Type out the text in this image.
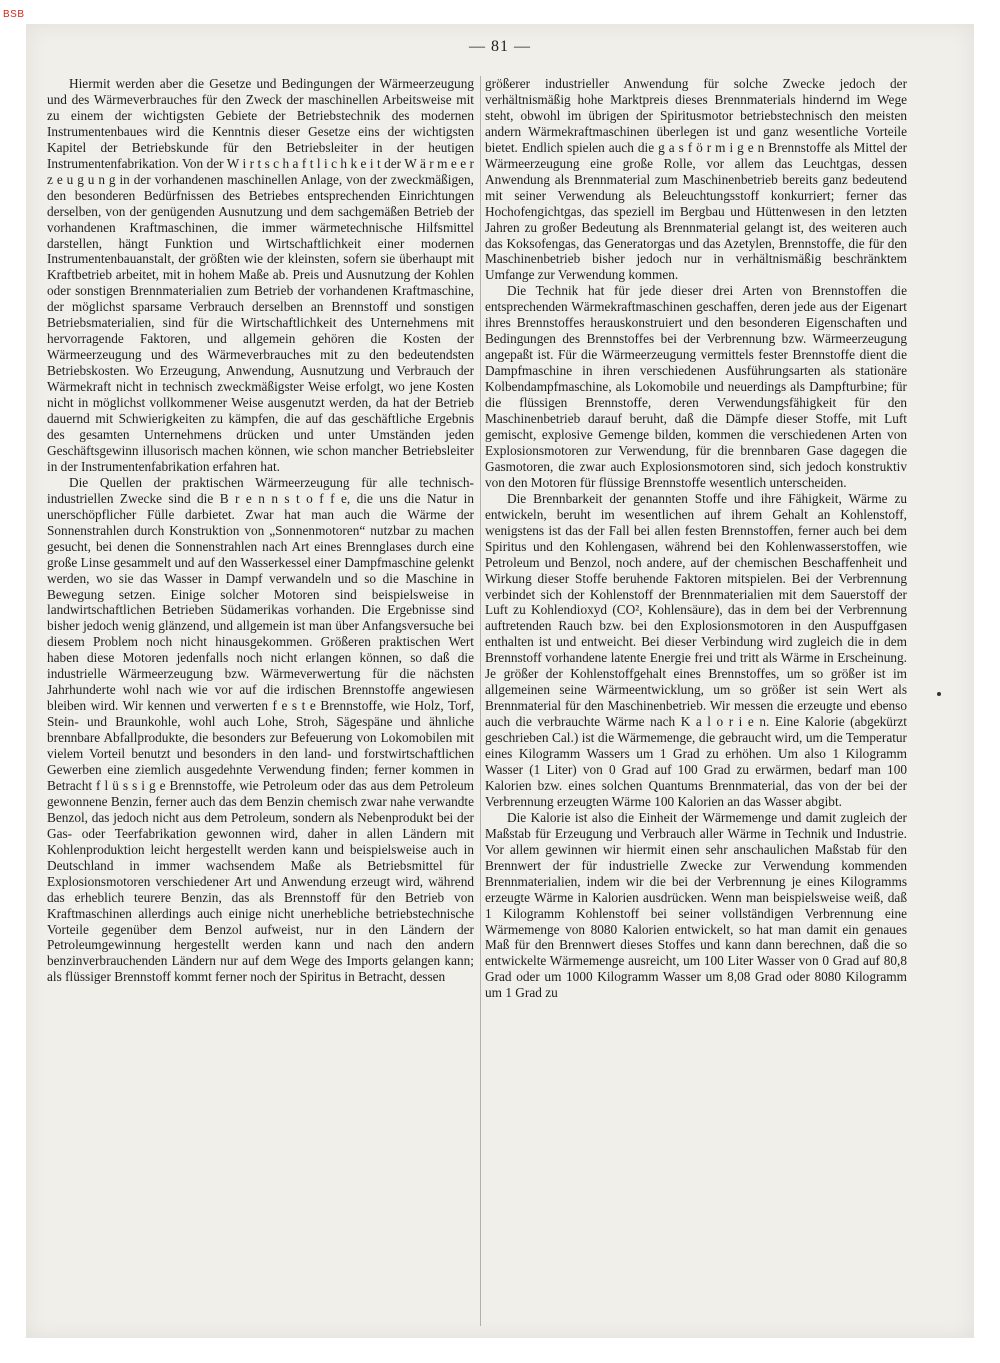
BSB
— 81 —

Hiermit werden aber die Gesetze und Bedingungen der Wärmeerzeugung und des Wärmeverbrauches für den Zweck der maschinellen Arbeitsweise mit zu einem der wichtigsten Gebiete der Betriebstechnik des modernen Instrumentenbaues wird die Kenntnis dieser Gesetze eins der wichtigsten Kapitel der Betriebskunde für den Betriebsleiter in der heutigen Instrumentenfabrikation. Von der W i r t s c h a f t l i c h k e i t der W ä r m e e r z e u g u n g in der vorhandenen maschinellen Anlage, von der zweckmäßigen, den besonderen Bedürfnissen des Betriebes entsprechenden Einrichtungen derselben, von der genügenden Ausnutzung und dem sachgemäßen Betrieb der vorhandenen Kraftmaschinen, die immer wärmetechnische Hilfsmittel darstellen, hängt Funktion und Wirtschaftlichkeit einer modernen Instrumentenbauanstalt, der größten wie der kleinsten, sofern sie überhaupt mit Kraftbetrieb arbeitet, mit in hohem Maße ab. Preis und Ausnutzung der Kohlen oder sonstigen Brennmaterialien zum Betrieb der vorhandenen Kraftmaschine, der möglichst sparsame Verbrauch derselben an Brennstoff und sonstigen Betriebsmaterialien, sind für die Wirtschaftlichkeit des Unternehmens mit hervorragende Faktoren, und allgemein gehören die Kosten der Wärmeerzeugung und des Wärmeverbrauches mit zu den bedeutendsten Betriebskosten. Wo Erzeugung, Anwendung, Ausnutzung und Verbrauch der Wärmekraft nicht in technisch zweckmäßigster Weise erfolgt, wo jene Kosten nicht in möglichst vollkommener Weise ausgenutzt werden, da hat der Betrieb dauernd mit Schwierigkeiten zu kämpfen, die auf das geschäftliche Ergebnis des gesamten Unternehmens drücken und unter Umständen jeden Geschäftsgewinn illusorisch machen können, wie schon mancher Betriebsleiter in der Instrumentenfabrikation erfahren hat.

Die Quellen der praktischen Wärmeerzeugung für alle technisch-industriellen Zwecke sind die B r e n n s t o f f e, die uns die Natur in unerschöpflicher Fülle darbietet. Zwar hat man auch die Wärme der Sonnenstrahlen durch Konstruktion von „Sonnenmotoren“ nutzbar zu machen gesucht, bei denen die Sonnenstrahlen nach Art eines Brennglases durch eine große Linse gesammelt und auf den Wasserkessel einer Dampfmaschine gelenkt werden, wo sie das Wasser in Dampf verwandeln und so die Maschine in Bewegung setzen. Einige solcher Motoren sind beispielsweise in landwirtschaftlichen Betrieben Südamerikas vorhanden. Die Ergebnisse sind bisher jedoch wenig glänzend, und allgemein ist man über Anfangsversuche bei diesem Problem noch nicht hinausgekommen. Größeren praktischen Wert haben diese Motoren jedenfalls noch nicht erlangen können, so daß die industrielle Wärmeerzeugung bzw. Wärmeverwertung für die nächsten Jahrhunderte wohl nach wie vor auf die irdischen Brennstoffe angewiesen bleiben wird. Wir kennen und verwerten f e s t e Brennstoffe, wie Holz, Torf, Stein- und Braunkohle, wohl auch Lohe, Stroh, Sägespäne und ähnliche brennbare Abfallprodukte, die besonders zur Befeuerung von Lokomobilen mit vielem Vorteil benutzt und besonders in den land- und forstwirtschaftlichen Gewerben eine ziemlich ausgedehnte Verwendung finden; ferner kommen in Betracht f l ü s s i g e Brennstoffe, wie Petroleum oder das aus dem Petroleum gewonnene Benzin, ferner auch das dem Benzin chemisch zwar nahe verwandte Benzol, das jedoch nicht aus dem Petroleum, sondern als Nebenprodukt bei der Gas- oder Teerfabrikation gewonnen wird, daher in allen Ländern mit Kohlenproduktion leicht hergestellt werden kann und beispielsweise auch in Deutschland in immer wachsendem Maße als Betriebsmittel für Explosionsmotoren verschiedener Art und Anwendung erzeugt wird, während das erheblich teurere Benzin, das als Brennstoff für den Betrieb von Kraftmaschinen allerdings auch einige nicht unerhebliche betriebstechnische Vorteile gegenüber dem Benzol aufweist, nur in den Ländern der Petroleumgewinnung hergestellt werden kann und nach den andern benzinverbrauchenden Ländern nur auf dem Wege des Imports gelangen kann; als flüssiger Brennstoff kommt ferner noch der Spiritus in Betracht, dessen

größerer industrieller Anwendung für solche Zwecke jedoch der verhältnismäßig hohe Marktpreis dieses Brennmaterials hindernd im Wege steht, obwohl im übrigen der Spiritusmotor betriebstechnisch den meisten andern Wärmekraftmaschinen überlegen ist und ganz wesentliche Vorteile bietet. Endlich spielen auch die g a s f ö r m i g e n Brennstoffe als Mittel der Wärmeerzeugung eine große Rolle, vor allem das Leuchtgas, dessen Anwendung als Brennmaterial zum Maschinenbetrieb bereits ganz bedeutend mit seiner Verwendung als Beleuchtungsstoff konkurriert; ferner das Hochofengichtgas, das speziell im Bergbau und Hüttenwesen in den letzten Jahren zu großer Bedeutung als Brennmaterial gelangt ist, des weiteren auch das Koksofengas, das Generatorgas und das Azetylen, Brennstoffe, die für den Maschinenbetrieb bisher jedoch nur in verhältnismäßig beschränktem Umfange zur Verwendung kommen.

Die Technik hat für jede dieser drei Arten von Brennstoffen die entsprechenden Wärmekraftmaschinen geschaffen, deren jede aus der Eigenart ihres Brennstoffes herauskonstruiert und den besonderen Eigenschaften und Bedingungen des Brennstoffes bei der Verbrennung bzw. Wärmeerzeugung angepaßt ist. Für die Wärmeerzeugung vermittels fester Brennstoffe dient die Dampfmaschine in ihren verschiedenen Ausführungsarten als stationäre Kolbendampfmaschine, als Lokomobile und neuerdings als Dampfturbine; für die flüssigen Brennstoffe, deren Verwendungsfähigkeit für den Maschinenbetrieb darauf beruht, daß die Dämpfe dieser Stoffe, mit Luft gemischt, explosive Gemenge bilden, kommen die verschiedenen Arten von Explosionsmotoren zur Verwendung, für die brennbaren Gase dagegen die Gasmotoren, die zwar auch Explosionsmotoren sind, sich jedoch konstruktiv von den Motoren für flüssige Brennstoffe wesentlich unterscheiden.

Die Brennbarkeit der genannten Stoffe und ihre Fähigkeit, Wärme zu entwickeln, beruht im wesentlichen auf ihrem Gehalt an Kohlenstoff, wenigstens ist das der Fall bei allen festen Brennstoffen, ferner auch bei dem Spiritus und den Kohlengasen, während bei den Kohlenwasserstoffen, wie Petroleum und Benzol, noch andere, auf der chemischen Beschaffenheit und Wirkung dieser Stoffe beruhende Faktoren mitspielen. Bei der Verbrennung verbindet sich der Kohlenstoff der Brennmaterialien mit dem Sauerstoff der Luft zu Kohlendioxyd (CO², Kohlensäure), das in dem bei der Verbrennung auftretenden Rauch bzw. bei den Explosionsmotoren in den Auspuffgasen enthalten ist und entweicht. Bei dieser Verbindung wird zugleich die in dem Brennstoff vorhandene latente Energie frei und tritt als Wärme in Erscheinung. Je größer der Kohlenstoffgehalt eines Brennstoffes, um so größer ist im allgemeinen seine Wärmeentwicklung, um so größer ist sein Wert als Brennmaterial für den Maschinenbetrieb. Wir messen die erzeugte und ebenso auch die verbrauchte Wärme nach K a l o r i e n. Eine Kalorie (abgekürzt geschrieben Cal.) ist die Wärmemenge, die gebraucht wird, um die Temperatur eines Kilogramm Wassers um 1 Grad zu erhöhen. Um also 1 Kilogramm Wasser (1 Liter) von 0 Grad auf 100 Grad zu erwärmen, bedarf man 100 Kalorien bzw. eines solchen Quantums Brennmaterial, das von der bei der Verbrennung erzeugten Wärme 100 Kalorien an das Wasser abgibt.

Die Kalorie ist also die Einheit der Wärmemenge und damit zugleich der Maßstab für Erzeugung und Verbrauch aller Wärme in Technik und Industrie. Vor allem gewinnen wir hiermit einen sehr anschaulichen Maßstab für den Brennwert der für industrielle Zwecke zur Verwendung kommenden Brennmaterialien, indem wir die bei der Verbrennung je eines Kilogramms erzeugte Wärme in Kalorien ausdrücken. Wenn man beispielsweise weiß, daß 1 Kilogramm Kohlenstoff bei seiner vollständigen Verbrennung eine Wärmemenge von 8080 Kalorien entwickelt, so hat man damit ein genaues Maß für den Brennwert dieses Stoffes und kann dann berechnen, daß die so entwickelte Wärmemenge ausreicht, um 100 Liter Wasser von 0 Grad auf 80,8 Grad oder um 1000 Kilogramm Wasser um 8,08 Grad oder 8080 Kilogramm um 1 Grad zu
